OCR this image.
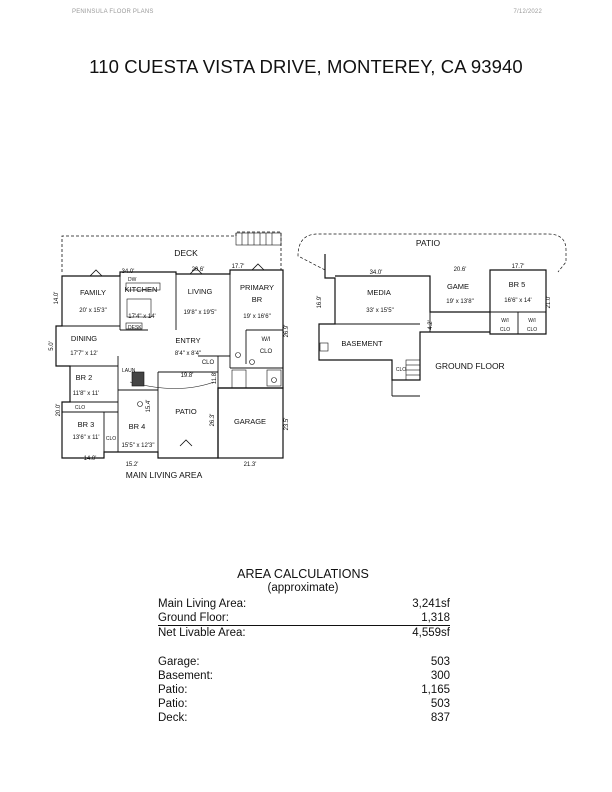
PENINSULA FLOOR PLANS	7/12/2022
110 CUESTA VISTA DRIVE, MONTEREY, CA 93940
DECK
FAMILY
20' x 15'3"
KITCHEN
17'4" x 14'
LIVING
19'8" x 19'5"
PRIMARY
BR
19' x 16'6"
W/I
CLO
DINING
17'7" x 12'
ENTRY
8'4" x 8'4"
CLO
BR 2
11'8" x 11'
CLO
BR 3
13'6" x 11' CLO
BR 4
15'5" x 12'3"
PATIO
GARAGE
LAUN
DESK
DW
34.0'	20.6'	17.7'
14.0'
5.0'
20.0'
19.8'
15.4'
26.3'	23.5'
21.3'
15.2'
14.0'
26.9'
11.8'
MAIN LIVING AREA
PATIO
MEDIA
33' x 15'5"
GAME
19' x 13'8"
BR 5
16'6" x 14'
W/I
CLO
W/I
CLO
BASEMENT
CLO
34.0'	20.6'	17.7'
16.9'	21.0'
4.2'
GROUND FLOOR
AREA CALCULATIONS
(approximate)
Main Living Area:	3,241sf
Ground Floor:	1,318
Net Livable Area:	4,559sf
Garage:	503
Basement:	300
Patio:	1,165
Patio:	503
Deck:	837
